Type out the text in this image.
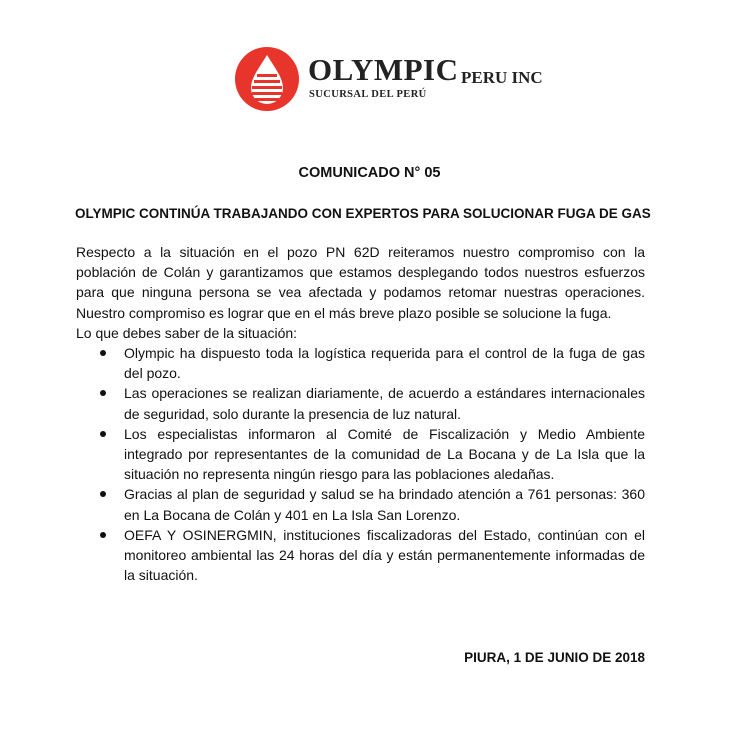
OLYMPIC PERU INC
SUCURSAL DEL PERÚ
COMUNICADO N° 05
OLYMPIC CONTINÚA TRABAJANDO CON EXPERTOS PARA SOLUCIONAR FUGA DE GAS

Respecto a la situación en el pozo PN 62D reiteramos nuestro compromiso con la población de Colán y garantizamos que estamos desplegando todos nuestros esfuerzos para que ninguna persona se vea afectada y podamos retomar nuestras operaciones. Nuestro compromiso es lograr que en el más breve plazo posible se solucione la fuga.

Lo que debes saber de la situación:

Olympic ha dispuesto toda la logística requerida para el control de la fuga de gas del pozo.
Las operaciones se realizan diariamente, de acuerdo a estándares internacionales de seguridad, solo durante la presencia de luz natural.
Los especialistas informaron al Comité de Fiscalización y Medio Ambiente integrado por representantes de la comunidad de La Bocana y de La Isla que la situación no representa ningún riesgo para las poblaciones aledañas.
Gracias al plan de seguridad y salud se ha brindado atención a 761 personas: 360 en La Bocana de Colán y 401 en La Isla San Lorenzo.
OEFA Y OSINERGMIN, instituciones fiscalizadoras del Estado, continúan con el monitoreo ambiental las 24 horas del día y están permanentemente informadas de la situación.
PIURA, 1 DE JUNIO DE 2018
